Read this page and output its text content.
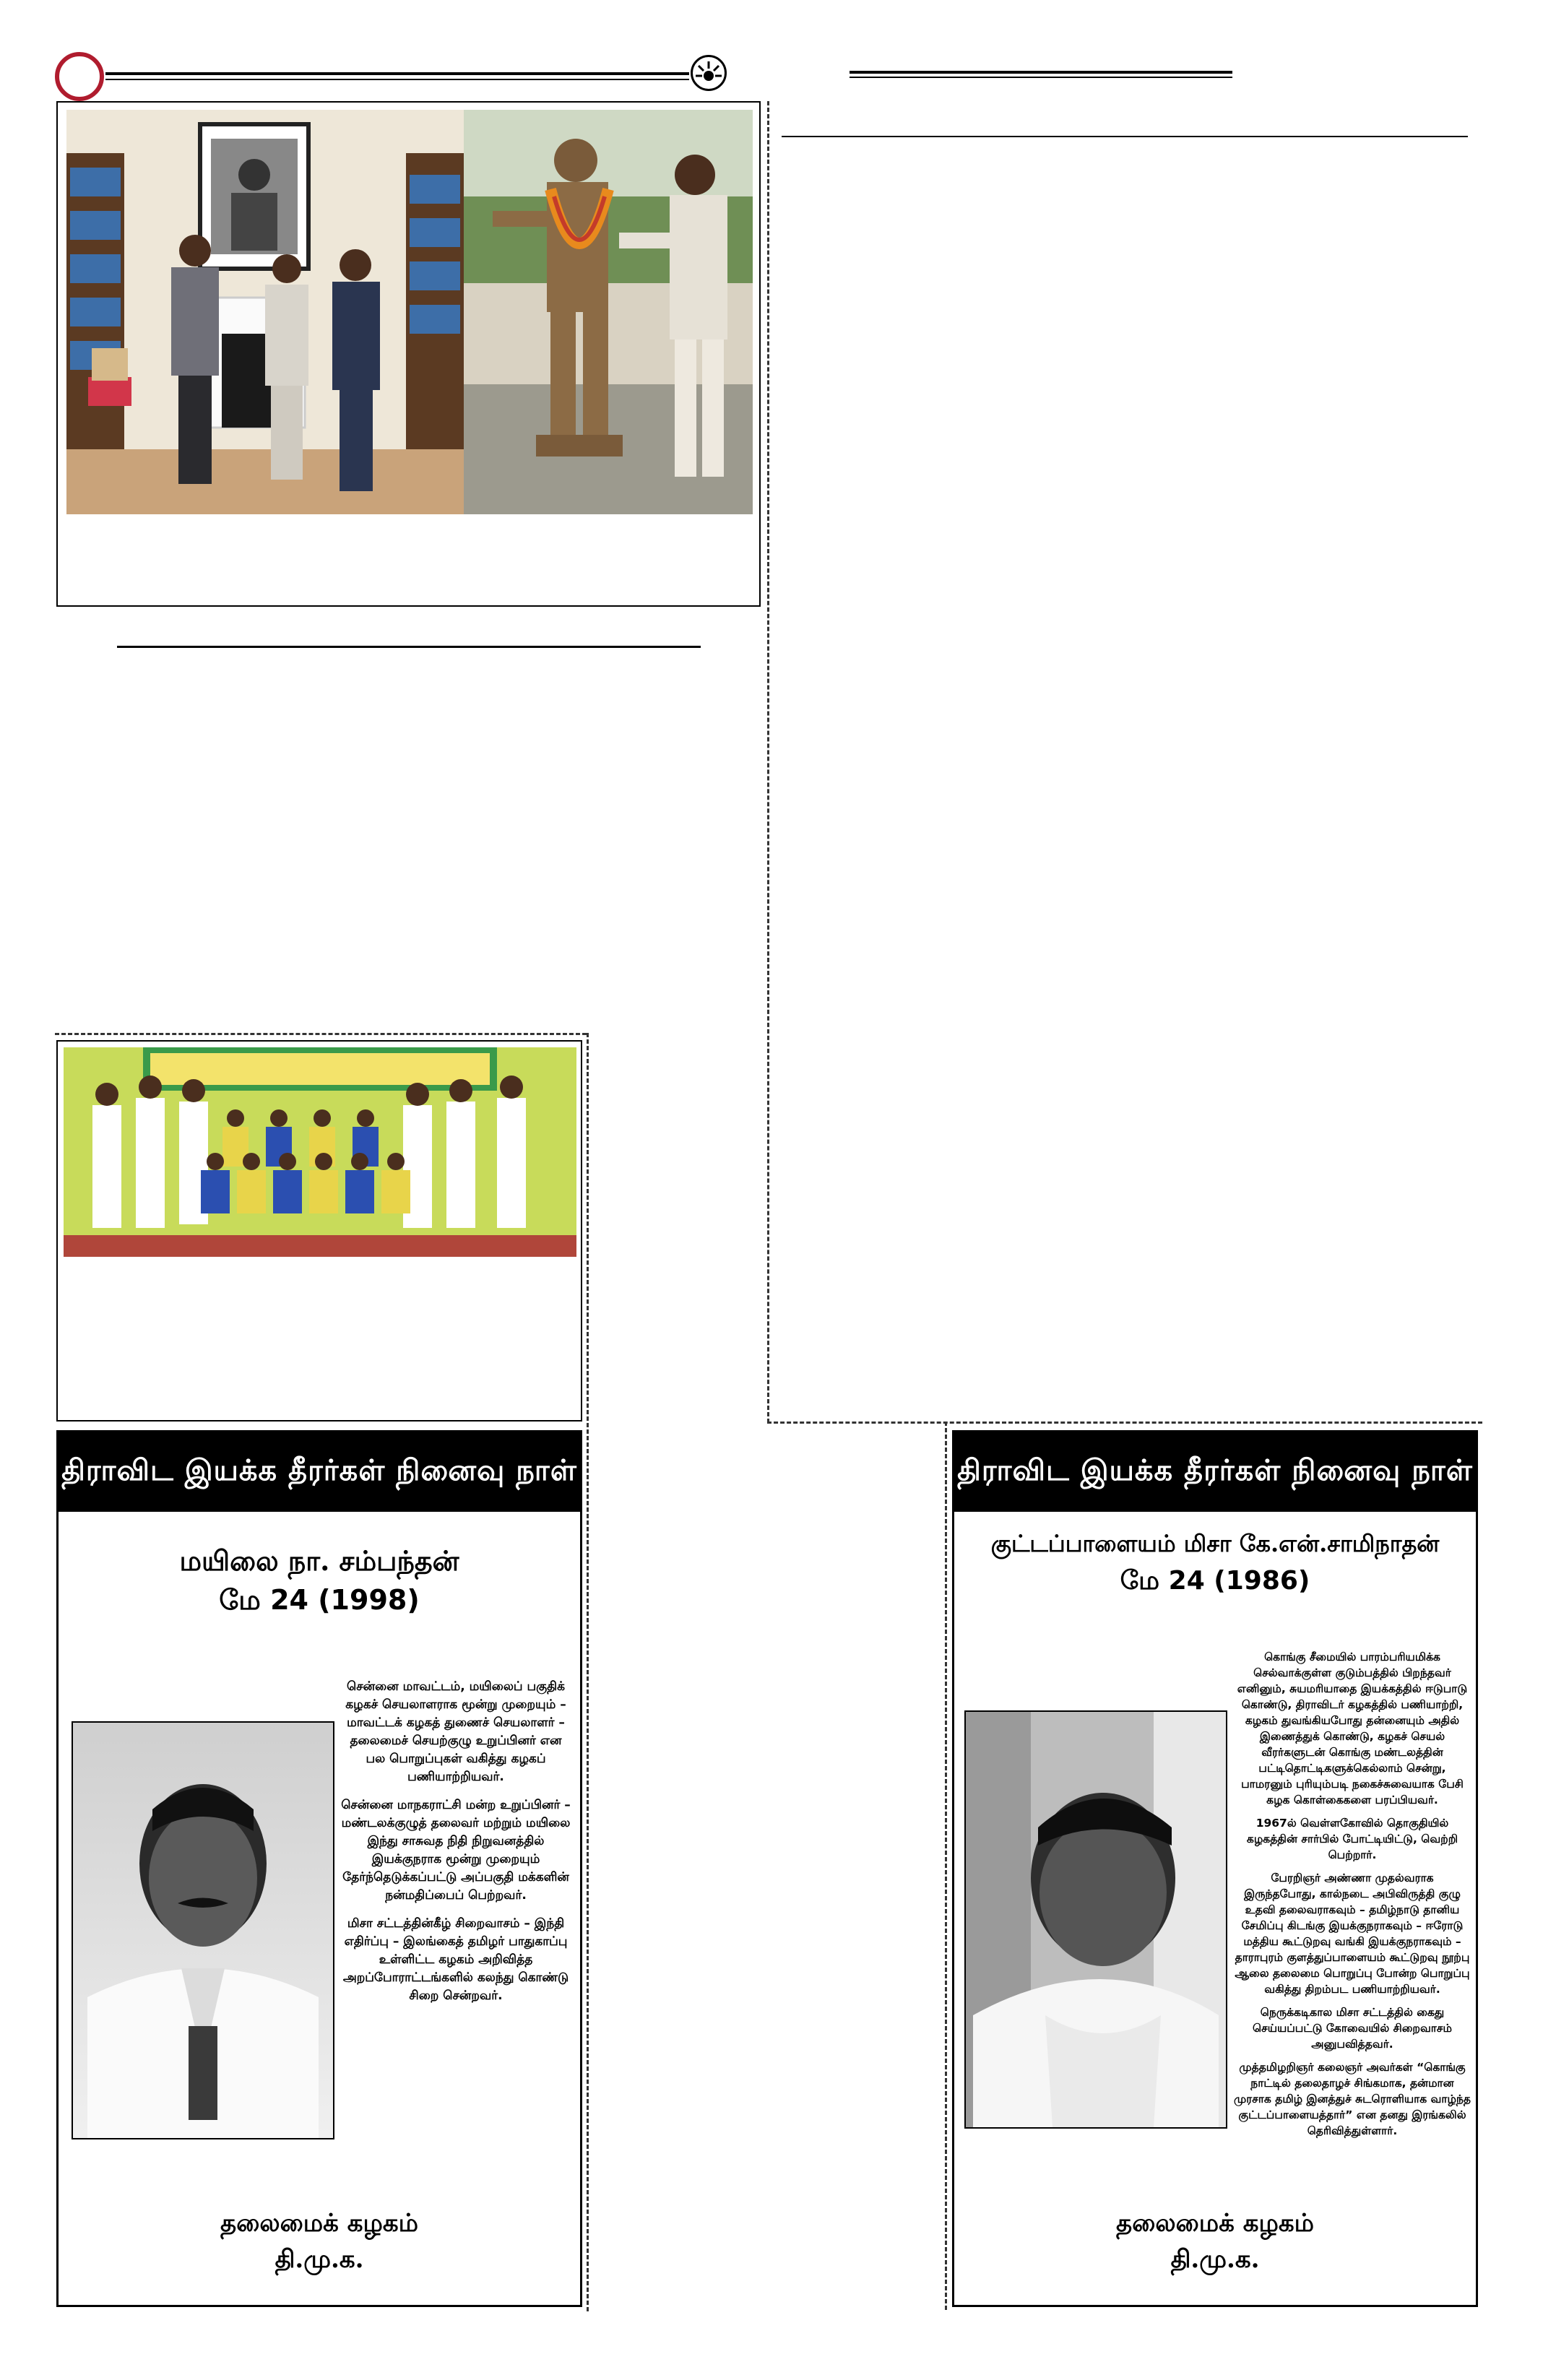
திராவிட இயக்க தீரர்கள் நினைவு நாள்
மயிலை நா. சம்பந்தன்
மே 24 (1998)

சென்னை மாவட்டம், மயிலைப் பகுதிக் கழகச் செயலாளராக மூன்று முறையும் – மாவட்டக் கழகத் துணைச் செயலாளர் – தலைமைச் செயற்குழு உறுப்பினர் என பல பொறுப்புகள் வகித்து கழகப் பணியாற்றியவர்.

சென்னை மாநகராட்சி மன்ற உறுப்பினர் – மண்டலக்குழுத் தலைவர் மற்றும் மயிலை இந்து சாசுவத நிதி நிறுவனத்தில் இயக்குநராக மூன்று முறையும் தேர்ந்தெடுக்கப்பட்டு அப்பகுதி மக்களின் நன்மதிப்பைப் பெற்றவர்.

மிசா சட்டத்தின்கீழ் சிறைவாசம் – இந்தி எதிர்ப்பு – இலங்கைத் தமிழர் பாதுகாப்பு உள்ளிட்ட கழகம் அறிவித்த அறப்போராட்டங்களில் கலந்து கொண்டு சிறை சென்றவர்.

தலைமைக் கழகம்
தி.மு.க.
திராவிட இயக்க தீரர்கள் நினைவு நாள்
குட்டப்பாளையம் மிசா கே.என்.சாமிநாதன்
மே 24 (1986)

கொங்கு சீமையில் பாரம்பரியமிக்க செல்வாக்குள்ள குடும்பத்தில் பிறந்தவர் எனினும், சுயமரியாதை இயக்கத்தில் ஈடுபாடு கொண்டு, திராவிடர் கழகத்தில் பணியாற்றி, கழகம் துவங்கியபோது தன்னையும் அதில் இணைத்துக் கொண்டு, கழகச் செயல் வீரர்களுடன் கொங்கு மண்டலத்தின் பட்டிதொட்டிகளுக்கெல்லாம் சென்று, பாமரனும் புரியும்படி நகைச்சுவையாக பேசி கழக கொள்கைகளை பரப்பியவர்.

1967ல் வெள்ளகோவில் தொகுதியில் கழகத்தின் சார்பில் போட்டியிட்டு, வெற்றி பெற்றார்.

பேரறிஞர் அண்ணா முதல்வராக இருந்தபோது, கால்நடை அபிவிருத்தி குழு உதவி தலைவராகவும் – தமிழ்நாடு தானிய சேமிப்பு கிடங்கு இயக்குநராகவும் – ஈரோடு மத்திய கூட்டுறவு வங்கி இயக்குநராகவும் – தாராபுரம் குளத்துப்பாளையம் கூட்டுறவு நூற்பு ஆலை தலைமை பொறுப்பு போன்ற பொறுப்பு வகித்து திறம்பட பணியாற்றியவர்.

நெருக்கடிகால மிசா சட்டத்தில் கைது செய்யப்பட்டு கோவையில் சிறைவாசம் அனுபவித்தவர்.

முத்தமிழறிஞர் கலைஞர் அவர்கள் “கொங்கு நாட்டில் தலைதாழச் சிங்கமாக, தன்மான முரசாக தமிழ் இனத்துச் சுடரொளியாக வாழ்ந்த குட்டப்பாளையத்தார்” என தனது இரங்கலில் தெரிவித்துள்ளார்.

தலைமைக் கழகம்
தி.மு.க.
